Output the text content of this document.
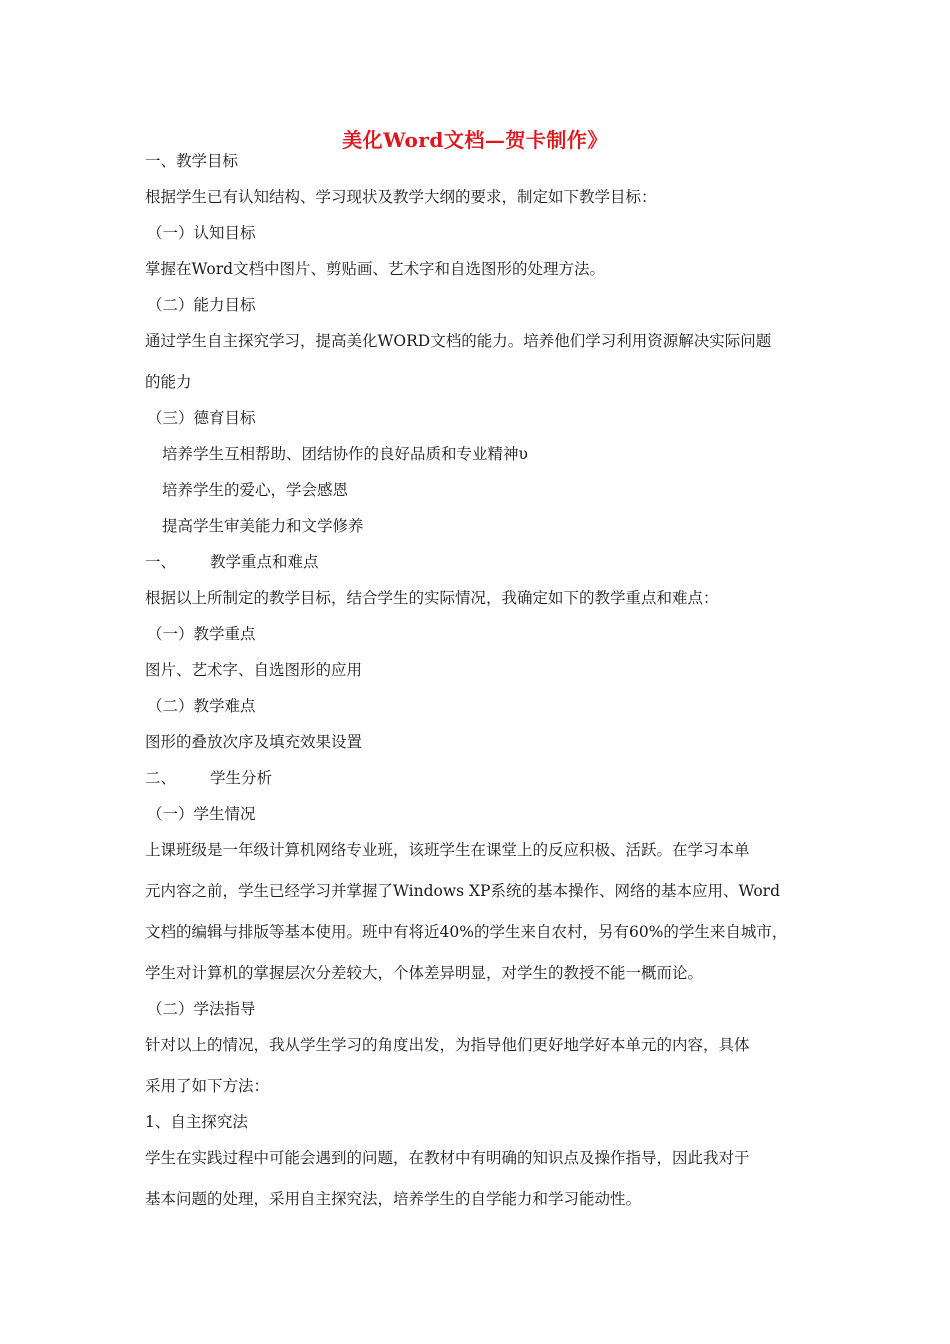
美化Word文档—贺卡制作》
一、教学目标
根据学生已有认知结构、学习现状及教学大纲的要求，制定如下教学目标：
（一）认知目标
掌握在Word文档中图片、剪贴画、艺术字和自选图形的处理方法。
（二）能力目标
通过学生自主探究学习，提高美化WORD文档的能力。培养他们学习利用资源解决实际问题
的能力
（三）德育目标
培养学生互相帮助、团结协作的良好品质和专业精神υ
培养学生的爱心，学会感恩
提高学生审美能力和文学修养
一、 教学重点和难点
根据以上所制定的教学目标，结合学生的实际情况，我确定如下的教学重点和难点：
（一）教学重点
图片、艺术字、自选图形的应用
（二）教学难点
图形的叠放次序及填充效果设置
二、 学生分析
（一）学生情况
上课班级是一年级计算机网络专业班，该班学生在课堂上的反应积极、活跃。在学习本单
元内容之前，学生已经学习并掌握了Windows XP系统的基本操作、网络的基本应用、Word
文档的编辑与排版等基本使用。班中有将近40%的学生来自农村，另有60%的学生来自城市，
学生对计算机的掌握层次分差较大，个体差异明显，对学生的教授不能一概而论。
（二）学法指导
针对以上的情况，我从学生学习的角度出发，为指导他们更好地学好本单元的内容，具体
采用了如下方法：
1、自主探究法
学生在实践过程中可能会遇到的问题，在教材中有明确的知识点及操作指导，因此我对于
基本问题的处理，采用自主探究法，培养学生的自学能力和学习能动性。
